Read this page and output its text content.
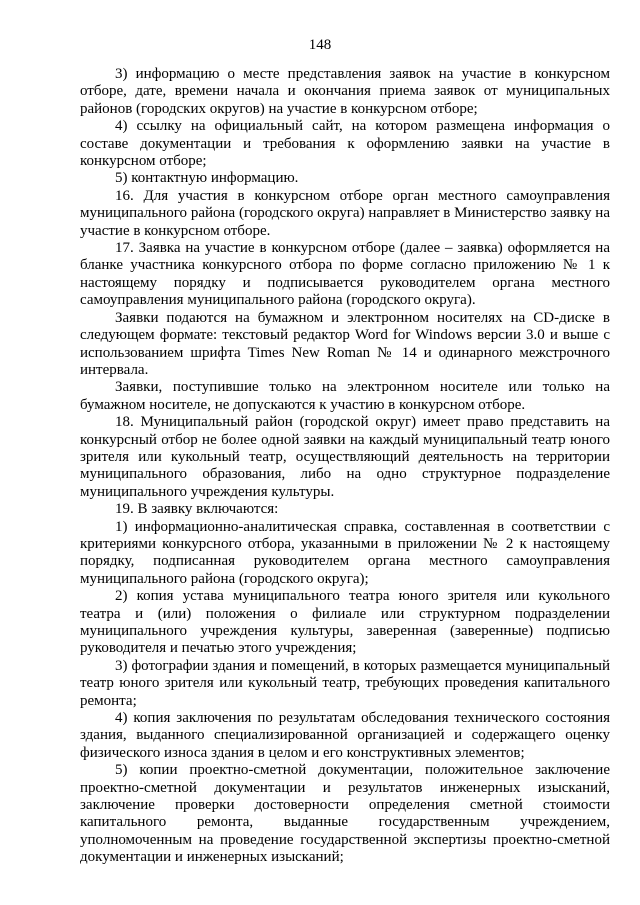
148

3) информацию о месте представления заявок на участие в конкурсном отборе, дате, времени начала и окончания приема заявок от муниципальных районов (городских округов) на участие в конкурсном отборе;

4) ссылку на официальный сайт, на котором размещена информация о составе документации и требования к оформлению заявки на участие в конкурсном отборе;

5) контактную информацию.

16. Для участия в конкурсном отборе орган местного самоуправления муниципального района (городского округа) направляет в Министерство заявку на участие в конкурсном отборе.

17. Заявка на участие в конкурсном отборе (далее – заявка) оформляется на бланке участника конкурсного отбора по форме согласно приложению № 1 к настоящему порядку и подписывается руководителем органа местного самоуправления муниципального района (городского округа).

Заявки подаются на бумажном и электронном носителях на CD-диске в следующем формате: текстовый редактор Word for Windows версии 3.0 и выше с использованием шрифта Times New Roman № 14 и одинарного межстрочного интервала.

Заявки, поступившие только на электронном носителе или только на бумажном носителе, не допускаются к участию в конкурсном отборе.

18. Муниципальный район (городской округ) имеет право представить на конкурсный отбор не более одной заявки на каждый муниципальный театр юного зрителя или кукольный театр, осуществляющий деятельность на территории муниципального образования, либо на одно структурное подразделение муниципального учреждения культуры.

19. В заявку включаются:

1) информационно-аналитическая справка, составленная в соответствии с критериями конкурсного отбора, указанными в приложении № 2 к настоящему порядку, подписанная руководителем органа местного самоуправления муниципального района (городского округа);

2) копия устава муниципального театра юного зрителя или кукольного театра и (или) положения о филиале или структурном подразделении муниципального учреждения культуры, заверенная (заверенные) подписью руководителя и печатью этого учреждения;

3) фотографии здания и помещений, в которых размещается муниципальный театр юного зрителя или кукольный театр, требующих проведения капитального ремонта;

4) копия заключения по результатам обследования технического состояния здания, выданного специализированной организацией и содержащего оценку физического износа здания в целом и его конструктивных элементов;

5) копии проектно-сметной документации, положительное заключение проектно-сметной документации и результатов инженерных изысканий, заключение проверки достоверности определения сметной стоимости капитального ремонта, выданные государственным учреждением, уполномоченным на проведение государственной экспертизы проектно-сметной документации и инженерных изысканий;
